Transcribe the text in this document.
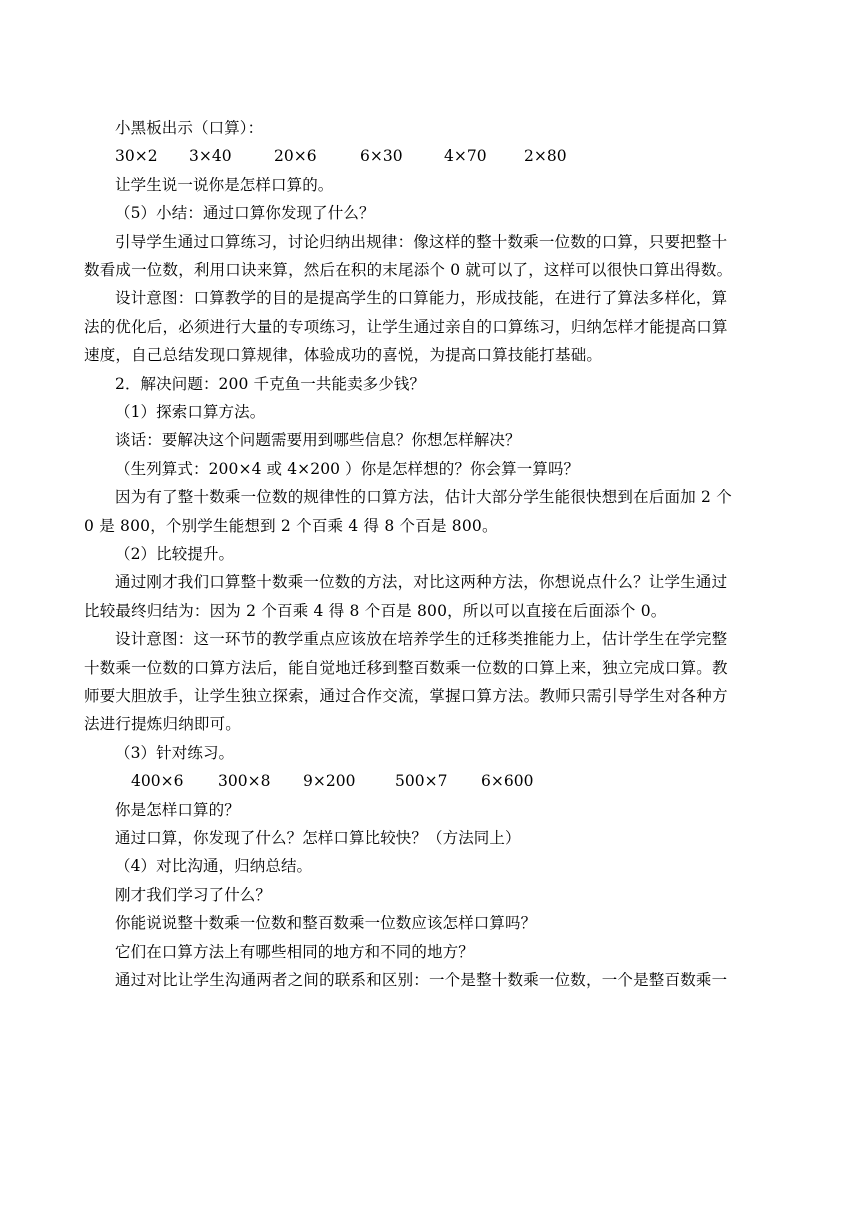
小黑板出示（口算）：
30×2	3×40	20×6	6×30	4×70	2×80
让学生说一说你是怎样口算的。
（5）小结：通过口算你发现了什么？
引导学生通过口算练习，讨论归纳出规律：像这样的整十数乘一位数的口算，只要把整十
数看成一位数，利用口诀来算，然后在积的末尾添个 0 就可以了，这样可以很快口算出得数。
设计意图：口算教学的目的是提高学生的口算能力，形成技能，在进行了算法多样化，算
法的优化后，必须进行大量的专项练习，让学生通过亲自的口算练习，归纳怎样才能提高口算
速度，自己总结发现口算规律，体验成功的喜悦，为提高口算技能打基础。
2．解决问题：200 千克鱼一共能卖多少钱？
（1）探索口算方法。
谈话：要解决这个问题需要用到哪些信息？你想怎样解决？
（生列算式：200×4 或 4×200 ）你是怎样想的？你会算一算吗？
因为有了整十数乘一位数的规律性的口算方法，估计大部分学生能很快想到在后面加 2 个
0 是 800，个别学生能想到 2 个百乘 4 得 8 个百是 800。
（2）比较提升。
通过刚才我们口算整十数乘一位数的方法，对比这两种方法，你想说点什么？让学生通过
比较最终归结为：因为 2 个百乘 4 得 8 个百是 800，所以可以直接在后面添个 0。
设计意图：这一环节的教学重点应该放在培养学生的迁移类推能力上，估计学生在学完整
十数乘一位数的口算方法后，能自觉地迁移到整百数乘一位数的口算上来，独立完成口算。教
师要大胆放手，让学生独立探索，通过合作交流，掌握口算方法。教师只需引导学生对各种方
法进行提炼归纳即可。
（3）针对练习。
400×6	300×8	9×200	500×7	6×600
你是怎样口算的？
通过口算，你发现了什么？怎样口算比较快？（方法同上）
（4）对比沟通，归纳总结。
刚才我们学习了什么？
你能说说整十数乘一位数和整百数乘一位数应该怎样口算吗？
它们在口算方法上有哪些相同的地方和不同的地方？
通过对比让学生沟通两者之间的联系和区别：一个是整十数乘一位数，一个是整百数乘一
